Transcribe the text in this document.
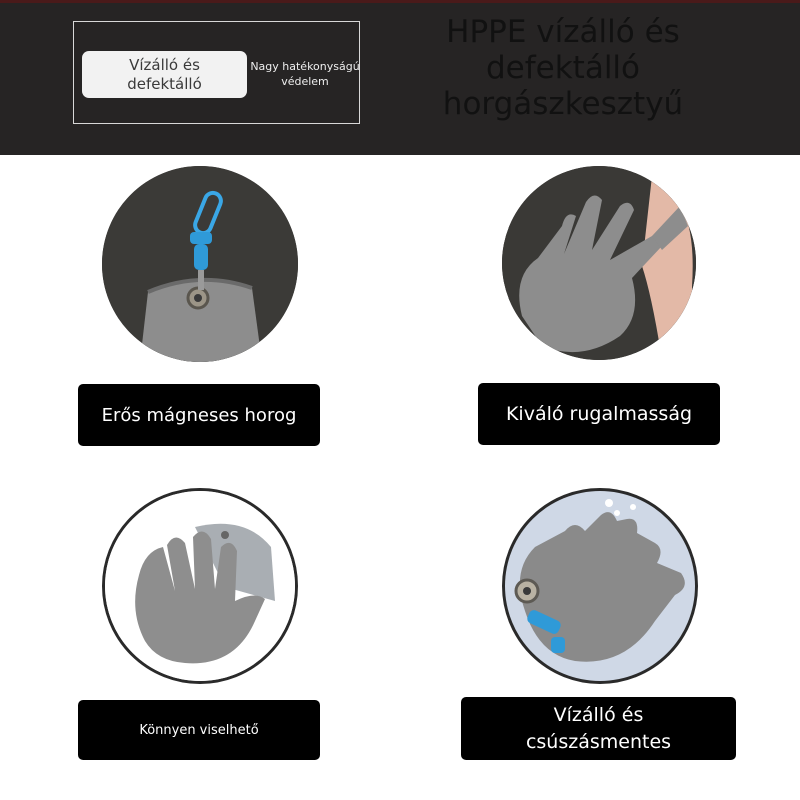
Vízálló és
defektálló
Nagy hatékonyságú
védelem
HPPE vízálló és
defektálló
horgászkesztyű
Erős mágneses horog	Kiváló rugalmasság
Könnyen viselhető
Vízálló és
csúszásmentes
